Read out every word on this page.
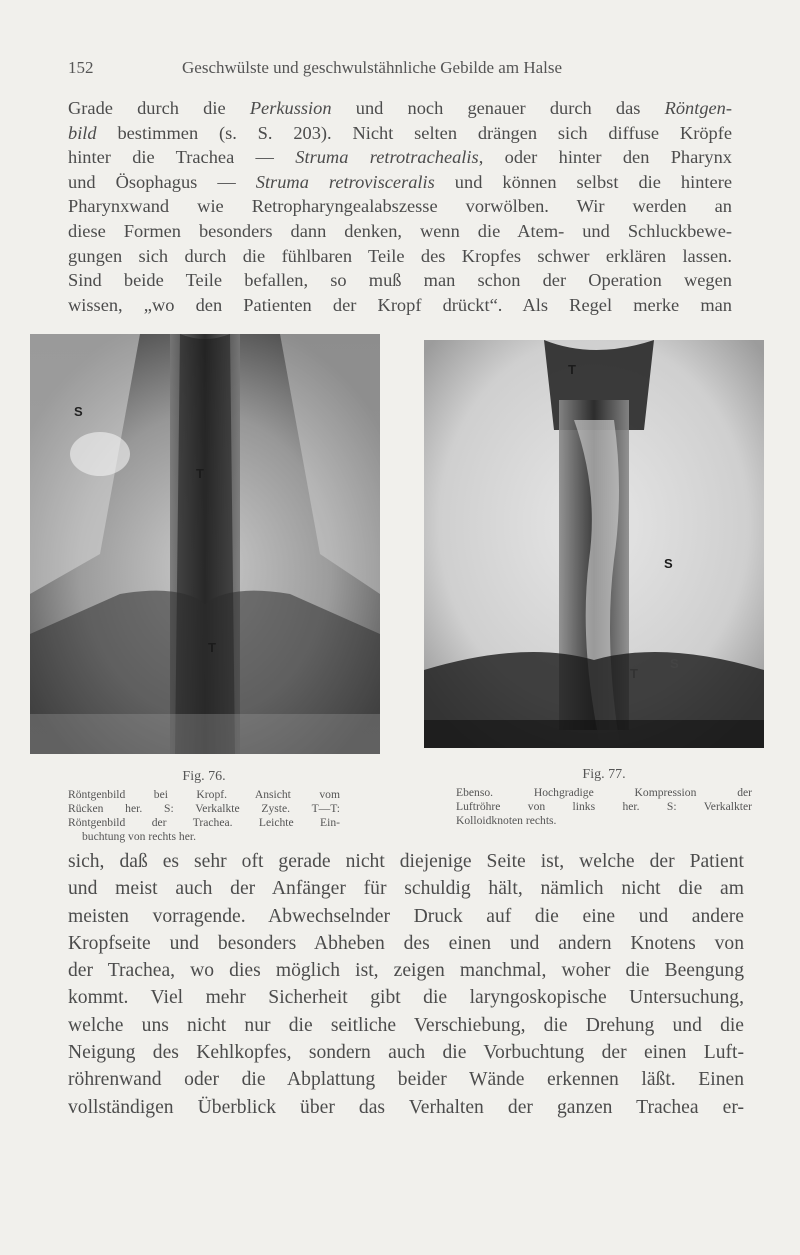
152	Geschwülste und geschwulstähnliche Gebilde am Halse
Grade durch die Perkussion und noch genauer durch das Röntgen-
bild bestimmen (s. S. 203). Nicht selten drängen sich diffuse Kröpfe
hinter die Trachea — Struma retrotrachealis, oder hinter den Pharynx
und Ösophagus — Struma retrovisceralis und können selbst die hintere
Pharynxwand wie Retropharyngealabszesse vorwölben. Wir werden an
diese Formen besonders dann denken, wenn die Atem- und Schluckbewe-
gungen sich durch die fühlbaren Teile des Kropfes schwer erklären lassen.
Sind beide Teile befallen, so muß man schon der Operation wegen
wissen, „wo den Patienten der Kropf drückt“. Als Regel merke man
S
T
T
T
S
S
T
Fig. 76.
Röntgenbild bei Kropf. Ansicht vom
Rücken her. S: Verkalkte Zyste. T—T:
Röntgenbild der Trachea. Leichte Ein-
buchtung von rechts her.
Fig. 77.
Ebenso. Hochgradige Kompression der
Luftröhre von links her. S: Verkalkter
Kolloidknoten rechts.
sich, daß es sehr oft gerade nicht diejenige Seite ist, welche der Patient
und meist auch der Anfänger für schuldig hält, nämlich nicht die am
meisten vorragende. Abwechselnder Druck auf die eine und andere
Kropfseite und besonders Abheben des einen und andern Knotens von
der Trachea, wo dies möglich ist, zeigen manchmal, woher die Beengung
kommt. Viel mehr Sicherheit gibt die laryngoskopische Untersuchung,
welche uns nicht nur die seitliche Verschiebung, die Drehung und die
Neigung des Kehlkopfes, sondern auch die Vorbuchtung der einen Luft-
röhrenwand oder die Abplattung beider Wände erkennen läßt. Einen
vollständigen Überblick über das Verhalten der ganzen Trachea er-
